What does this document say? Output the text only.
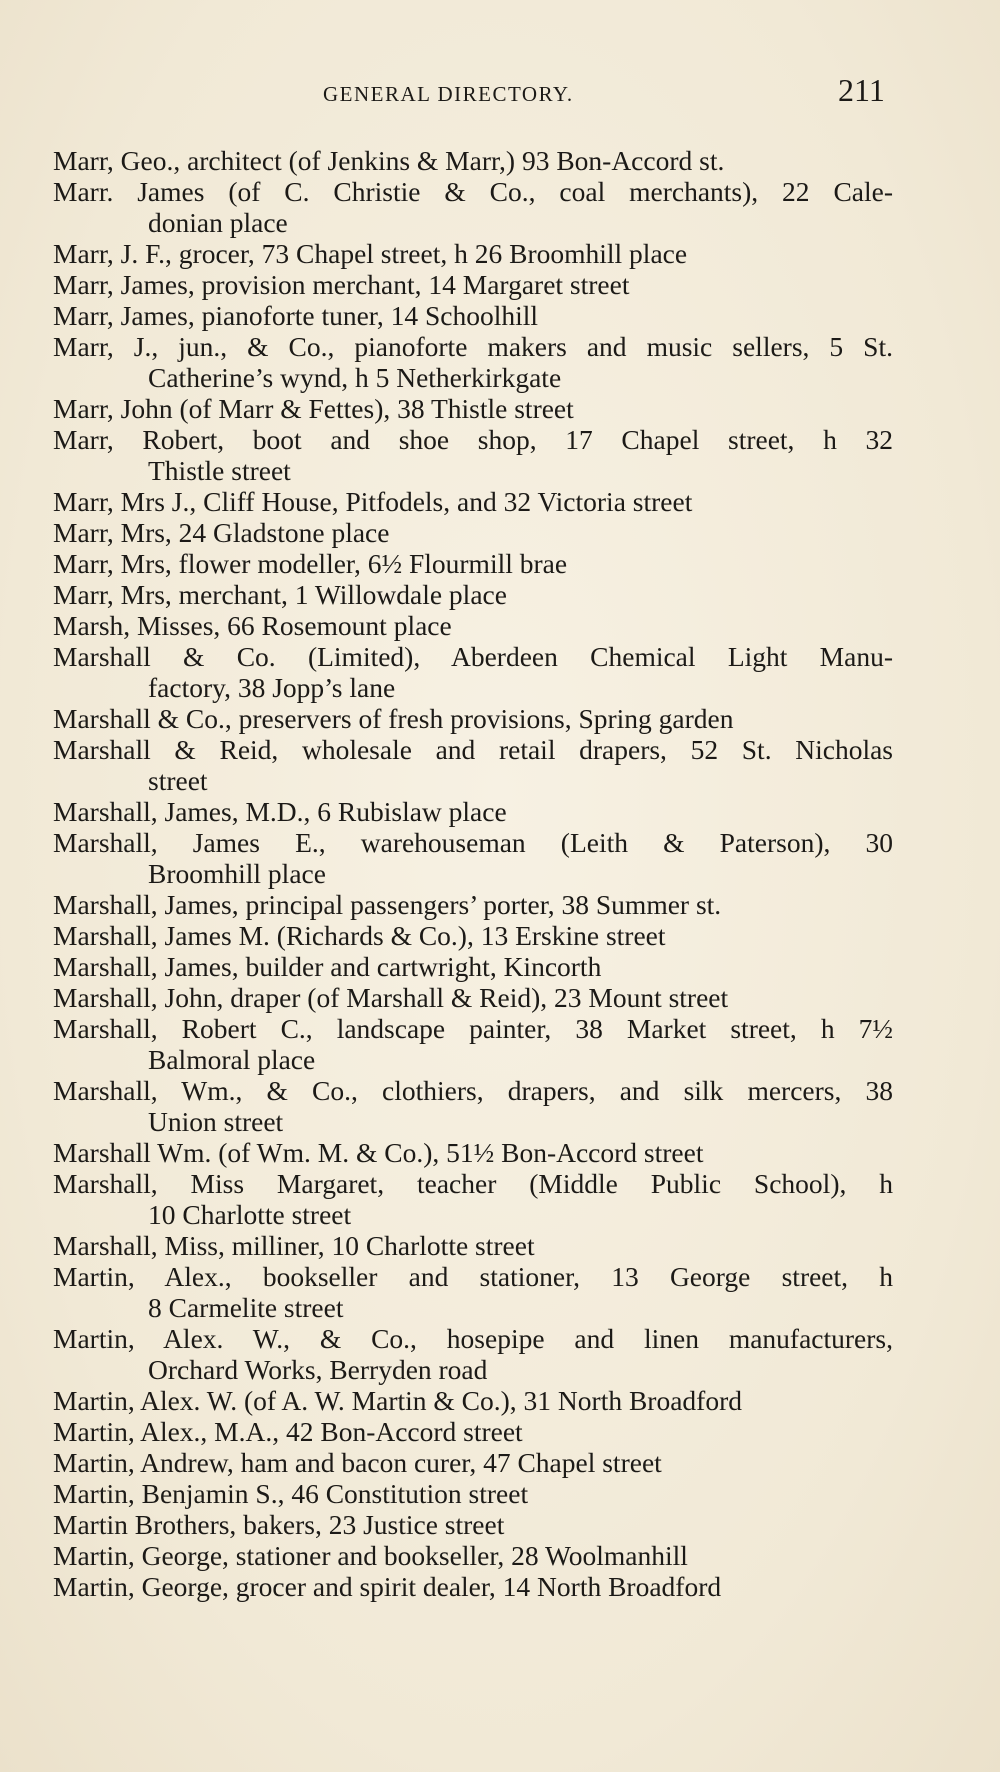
GENERAL DIRECTORY.	211
Marr, Geo., architect (of Jenkins & Marr,) 93 Bon-Accord st.
Marr. James (of C. Christie & Co., coal merchants), 22 Cale-
donian place
Marr, J. F., grocer, 73 Chapel street, h 26 Broomhill place
Marr, James, provision merchant, 14 Margaret street
Marr, James, pianoforte tuner, 14 Schoolhill
Marr, J., jun., & Co., pianoforte makers and music sellers, 5 St.
Catherine’s wynd, h 5 Netherkirkgate
Marr, John (of Marr & Fettes), 38 Thistle street
Marr, Robert, boot and shoe shop, 17 Chapel street, h 32
Thistle street
Marr, Mrs J., Cliff House, Pitfodels, and 32 Victoria street
Marr, Mrs, 24 Gladstone place
Marr, Mrs, flower modeller, 6½ Flourmill brae
Marr, Mrs, merchant, 1 Willowdale place
Marsh, Misses, 66 Rosemount place
Marshall & Co. (Limited), Aberdeen Chemical Light Manu-
factory, 38 Jopp’s lane
Marshall & Co., preservers of fresh provisions, Spring garden
Marshall & Reid, wholesale and retail drapers, 52 St. Nicholas
street
Marshall, James, M.D., 6 Rubislaw place
Marshall, James E., warehouseman (Leith & Paterson), 30
Broomhill place
Marshall, James, principal passengers’ porter, 38 Summer st.
Marshall, James M. (Richards & Co.), 13 Erskine street
Marshall, James, builder and cartwright, Kincorth
Marshall, John, draper (of Marshall & Reid), 23 Mount street
Marshall, Robert C., landscape painter, 38 Market street, h 7½
Balmoral place
Marshall, Wm., & Co., clothiers, drapers, and silk mercers, 38
Union street
Marshall Wm. (of Wm. M. & Co.), 51½ Bon-Accord street
Marshall, Miss Margaret, teacher (Middle Public School), h
10 Charlotte street
Marshall, Miss, milliner, 10 Charlotte street
Martin, Alex., bookseller and stationer, 13 George street, h
8 Carmelite street
Martin, Alex. W., & Co., hosepipe and linen manufacturers,
Orchard Works, Berryden road
Martin, Alex. W. (of A. W. Martin & Co.), 31 North Broadford
Martin, Alex., M.A., 42 Bon-Accord street
Martin, Andrew, ham and bacon curer, 47 Chapel street
Martin, Benjamin S., 46 Constitution street
Martin Brothers, bakers, 23 Justice street
Martin, George, stationer and bookseller, 28 Woolmanhill
Martin, George, grocer and spirit dealer, 14 North Broadford
